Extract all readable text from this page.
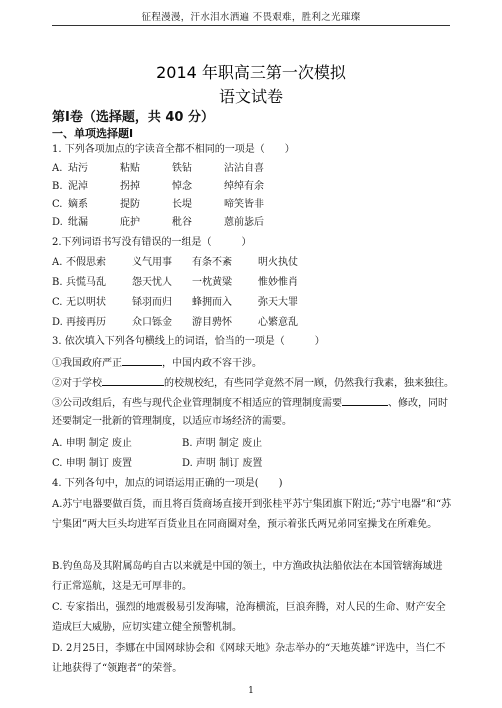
征程漫漫，汗水泪水洒遍 不畏艰难，胜利之光璀璨
2014 年职高三第一次模拟
语文试卷
第Ⅰ卷（选择题，共 40 分）
一、单项选择题Ⅰ
1. 下列各项加点的字读音全都不相同的一项是（　　）
A. 玷污	粘贴	铁钻	沾沾自喜
B. 泥淖	拐掉	悼念	绰绰有余
C. 嫡系	提防	长堤	啼笑皆非
D. 纰漏	庇护	秕谷	蒽前毖后
2.下列词语书写没有错误的一组是（　　　）
A. 不假思索	义气用事 有条不紊	明火执仗
B. 兵慌马乱	怨天忧人 一枕黄粱	惟妙惟肖
C. 无以明状	铩羽而归 蜂拥而入	弥天大罪
D. 再接再历	众口铄金 游目骋怀	心繁意乱
3. 依次填入下列各句横线上的词语，恰当的一项是（　　　）
①我国政府严正	，中国内政不容干涉。
②对于学校	的校规校纪，有些同学竟然不屑一顾，仍然我行我素，独来独往。
③公司改组后，有些与现代企业管理制度不相适应的管理制度需要	、修改，同时
还要制定一批新的管理制度，以适应市场经济的需要。
A. 申明 制定 废止	B. 声明 制定 废止
C. 申明 制订 废置	D. 声明 制订 废置
4. 下列各句中，加点的词语运用正确的一项是(　　)
A.苏宁电器要做百货，而且将百货商场直接开到张桂平苏宁集团旗下附近;“苏宁电器”和“苏宁集团”两大巨头均进军百货业且在同商圈对垒，预示着张氏两兄弟同室操戈在所难免。
B.钓鱼岛及其附属岛屿自古以来就是中国的领土，中方渔政执法船依法在本国管辖海域进行正常巡航，这是无可厚非的。
C. 专家指出，强烈的地震极易引发海啸，沧海横流，巨浪奔腾，对人民的生命、财产安全造成巨大威胁，应切实建立健全预警机制。
D. 2月25日，李娜在中国网球协会和《网球天地》杂志举办的“天地英雄”评选中，当仁不让地获得了“领跑者”的荣誉。
1
